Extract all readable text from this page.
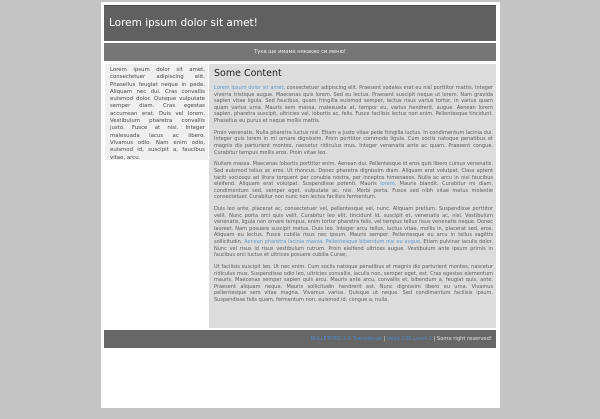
Lorem ipsum dolor sit amet!
Тука ще имаме някакво си меню!

Lorem ipsum dolor sit amet, consectetuer adipiscing elit. Phasellus feugiat neque in pede. Aliquam nec dui. Cras convallis euismod dolor. Quisque vulputate semper diam. Cras egestas accumsan erat. Duis vel lorem. Vestibulum pharetra convallis justo. Fusce at nisl. Integer malesuada lacus ac libero. Vivamus odio. Nam enim odio, euismod id, suscipit a, faucibus vitae, arcu.

Some Content

Lorem ipsum dolor sit amet, consectetuer adipiscing elit. Praesent sodales erat eu nisl porttitor mattis. Integer viverra tristique augue. Maecenas quis lorem. Sed eu lectus. Praesent suscipit neque ut lorem. Nam gravida sapien vitae ligula. Sed faucibus, quam fringilla euismod semper, lectus risus varius tortor, in varius quam quam varius urna. Mauris sem massa, malesuada at, tempor eu, varius hendrerit, augue. Aenean lorem sapien, pharetra suscipit, ultricies vel, lobortis ac, felis. Fusce facilisis lectus non enim. Pellentesque tincidunt. Phasellus eu purus et neque mollis mattis.

Proin venenatis. Nulla pharetra luctus nisl. Etiam a justo vitae pede fringilla luctus. In condimentum lacinia dui. Integer quis lorem in mi ornare dignissim. Proin porttitor commodo ligula. Cum sociis natoque penatibus et magnis dis parturient montes, nascetur ridiculus mus. Integer venenatis ante ac quam. Praesent congue. Curabitur tempus mollis eros. Proin vitae leo.

Nullam massa. Maecenas lobortis porttitor enim. Aenean dui. Pellentesque id eros quis libero cursus venenatis. Sed euismod tellus ac eros. Ut rhoncus. Donec pharetra dignissim diam. Aliquam erat volutpat. Class aptent taciti sociosqu ad litora torquent per conubia nostra, per inceptos himenaeos. Nulla ac arcu in nisl faucibus eleifend. Aliquam erat volutpat. Suspendisse potenti. Mauris lorem. Mauris blandit. Curabitur mi diam, condimentum sed, semper eget, vulputate ac, nisi. Morbi porta. Fusce sed nibh vitae metus molestie consectetuer. Curabitur non nunc non lectus facilisis fermentum.

Duis leo ante, placerat ac, consectetuer vel, pellentesque vel, nunc. Aliquam pretium. Suspendisse porttitor velit. Nunc porta orci quis velit. Curabitur leo elit, tincidunt id, suscipit et, venenatis ac, nisi. Vestibulum venenatis, ligula non ornare tempus, enim tortor pharetra felis, vel tempus tellus risus venenatis neque. Donec laoreet. Nam posuere suscipit metus. Duis leo. Integer arcu tellus, luctus vitae, mollis in, placerat sed, eros. Aliquam eu lectus. Fusce cubilia risus nec ipsum. Mauris semper. Pellentesque eu arcu in tellus sagittis sollicitudin. Aenean pharetra lacinia massa. Pellentesque bibendum nisi eu augue. Etiam pulvinar iaculis dolor. Nunc vel risus id risus vestibulum rutrum. Proin eleifend ultrices augue. Vestibulum ante ipsum primis in faucibus orci luctus et ultrices posuere cubilia Curae;

Ut facilisis suscipit leo. Ut nec enim. Cum sociis natoque penatibus et magnis dis parturient montes, nascetur ridiculus mus. Suspendisse odio leo, ultricies convallis, iaculis non, semper eget, est. Cras egestas elementum mauris. Maecenas semper sapien quis arcu. Mauris ante arcu, convallis et, bibendum a, feugiat quis, ante. Praesent aliquam neque. Mauris sollicitudin hendrerit est. Nunc dignissim libero eu urna. Vivamus pellentesque sem vitae magna. Vivamus varius. Quisque ut neque. Sed condimentum facilisis ipsum. Suspendisse felis quam, fermentum non, euismod id, congue a, nulla.

BULLETPRO 1.0 Transitional | Valid CSS Level 2 | Some right reserved!
